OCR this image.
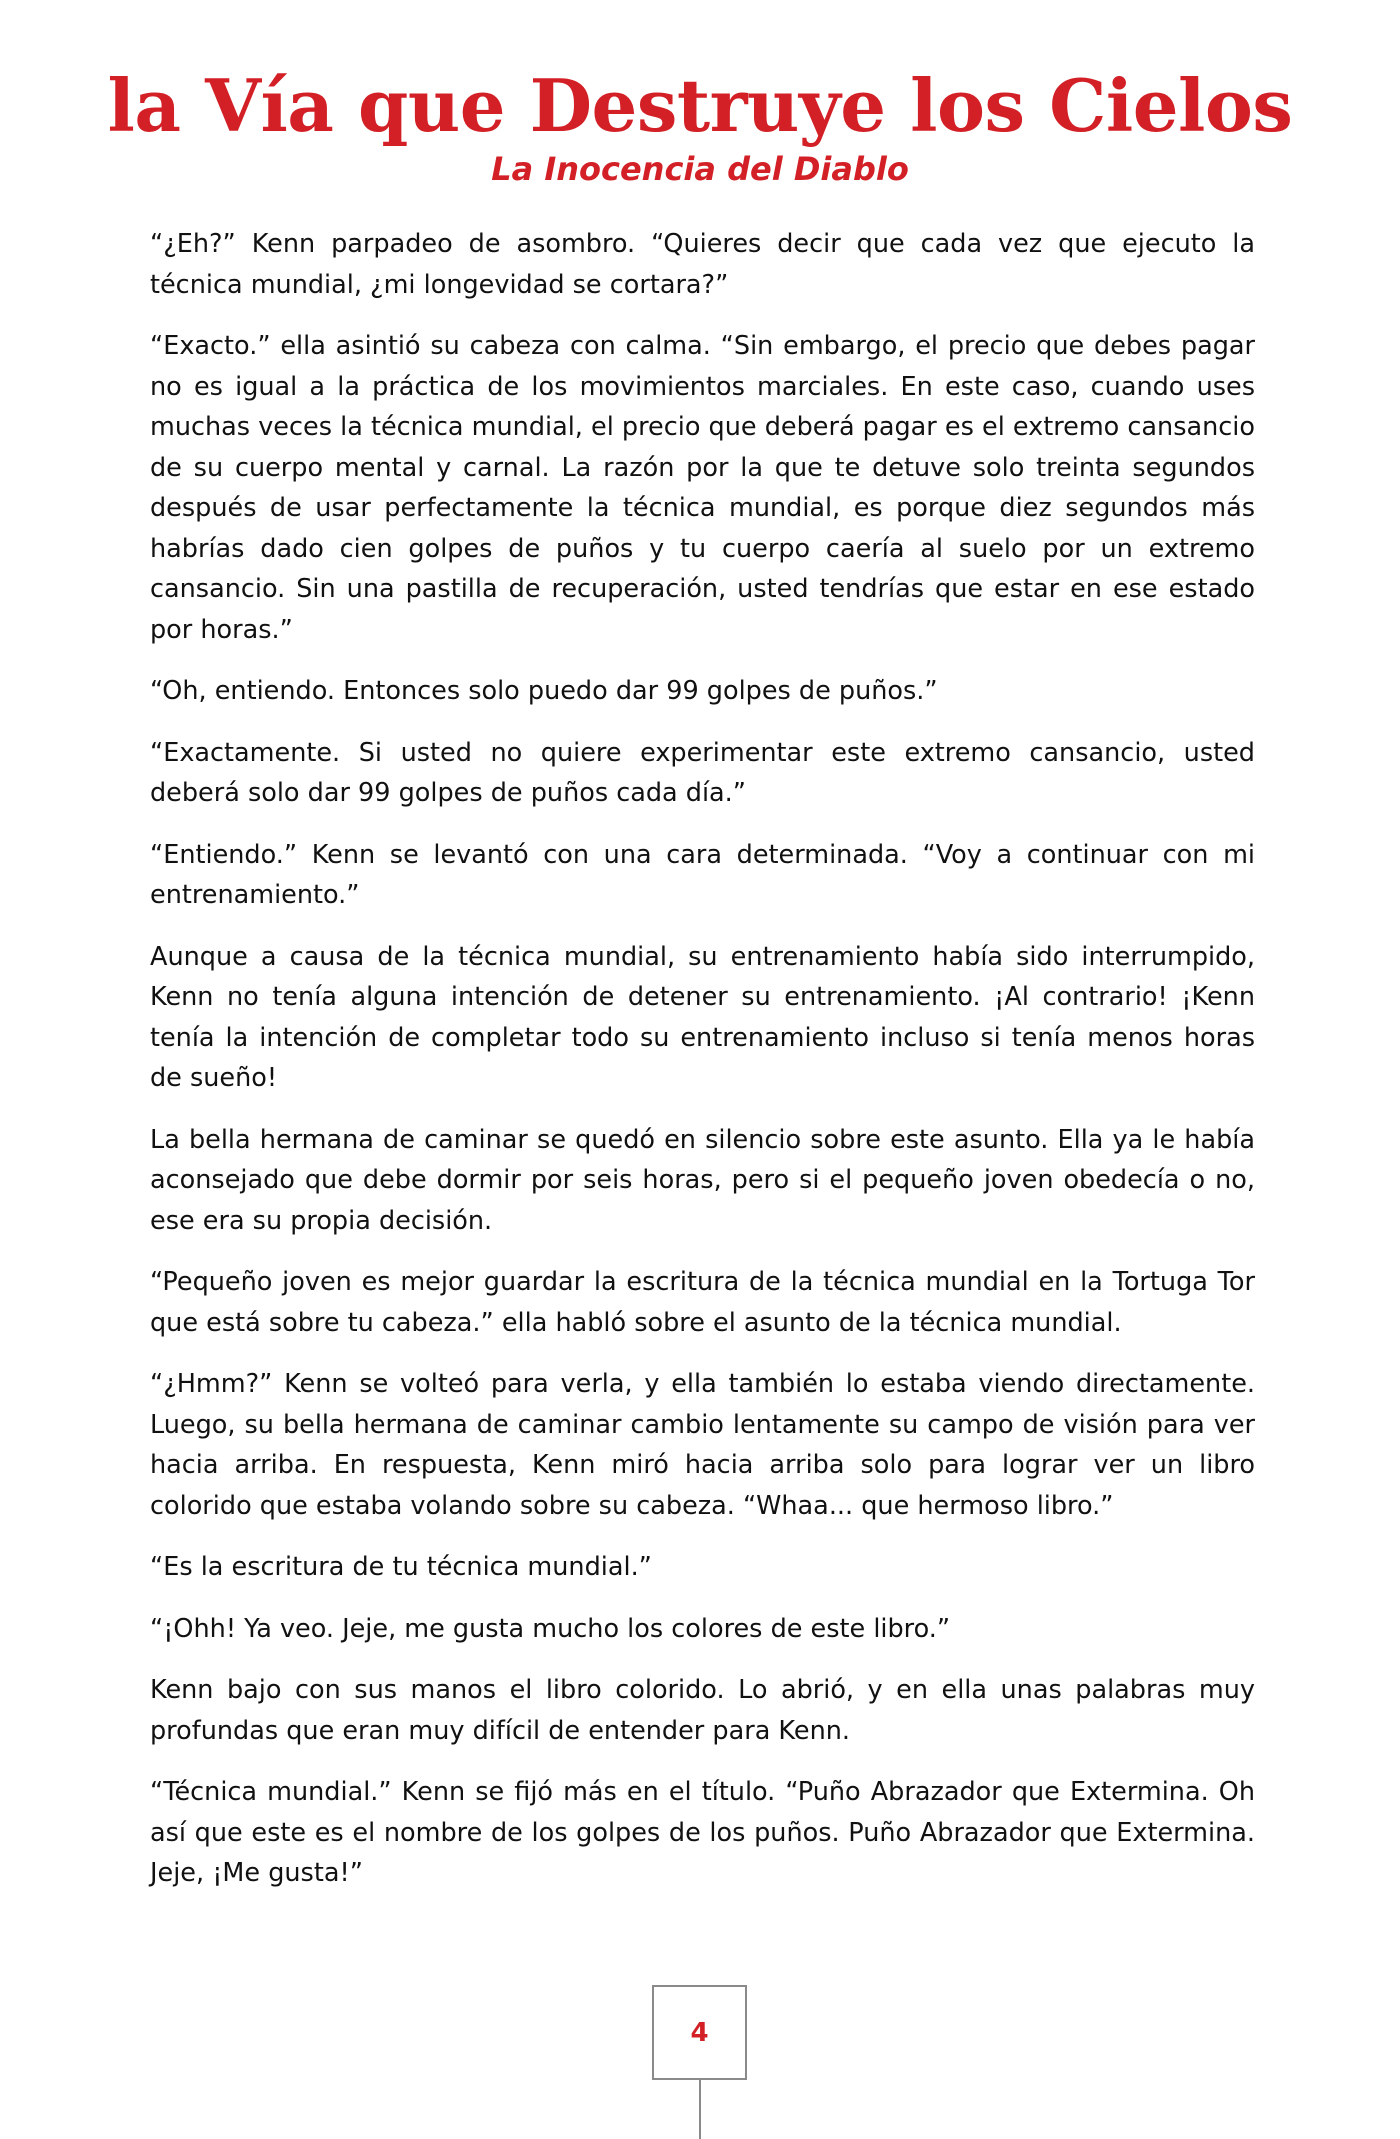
la Vía que Destruye los Cielos
La Inocencia del Diablo

“¿Eh?” Kenn parpadeo de asombro. “Quieres decir que cada vez que ejecuto la técnica mundial, ¿mi longevidad se cortara?”

“Exacto.” ella asintió su cabeza con calma. “Sin embargo, el precio que debes pagar no es igual a la práctica de los movimientos marciales. En este caso, cuando uses muchas veces la técnica mundial, el precio que deberá pagar es el extremo cansancio de su cuerpo mental y carnal. La razón por la que te detuve solo treinta segundos después de usar perfectamente la técnica mundial, es porque diez segundos más habrías dado cien golpes de puños y tu cuerpo caería al suelo por un extremo cansancio. Sin una pastilla de recuperación, usted tendrías que estar en ese estado por horas.”

“Oh, entiendo. Entonces solo puedo dar 99 golpes de puños.”

“Exactamente. Si usted no quiere experimentar este extremo cansancio, usted deberá solo dar 99 golpes de puños cada día.”

“Entiendo.” Kenn se levantó con una cara determinada. “Voy a continuar con mi entrenamiento.”

Aunque a causa de la técnica mundial, su entrenamiento había sido interrumpido, Kenn no tenía alguna intención de detener su entrenamiento. ¡Al contrario! ¡Kenn tenía la intención de completar todo su entrenamiento incluso si tenía menos horas de sueño!

La bella hermana de caminar se quedó en silencio sobre este asunto. Ella ya le había aconsejado que debe dormir por seis horas, pero si el pequeño joven obedecía o no, ese era su propia decisión.

“Pequeño joven es mejor guardar la escritura de la técnica mundial en la Tortuga Tor que está sobre tu cabeza.” ella habló sobre el asunto de la técnica mundial.

“¿Hmm?” Kenn se volteó para verla, y ella también lo estaba viendo directamente. Luego, su bella hermana de caminar cambio lentamente su campo de visión para ver hacia arriba. En respuesta, Kenn miró hacia arriba solo para lograr ver un libro colorido que estaba volando sobre su cabeza. “Whaa... que hermoso libro.”

“Es la escritura de tu técnica mundial.”

“¡Ohh! Ya veo. Jeje, me gusta mucho los colores de este libro.”

Kenn bajo con sus manos el libro colorido. Lo abrió, y en ella unas palabras muy profundas que eran muy difícil de entender para Kenn.

“Técnica mundial.” Kenn se fijó más en el título. “Puño Abrazador que Extermina. Oh así que este es el nombre de los golpes de los puños. Puño Abrazador que Extermina. Jeje, ¡Me gusta!”

4
